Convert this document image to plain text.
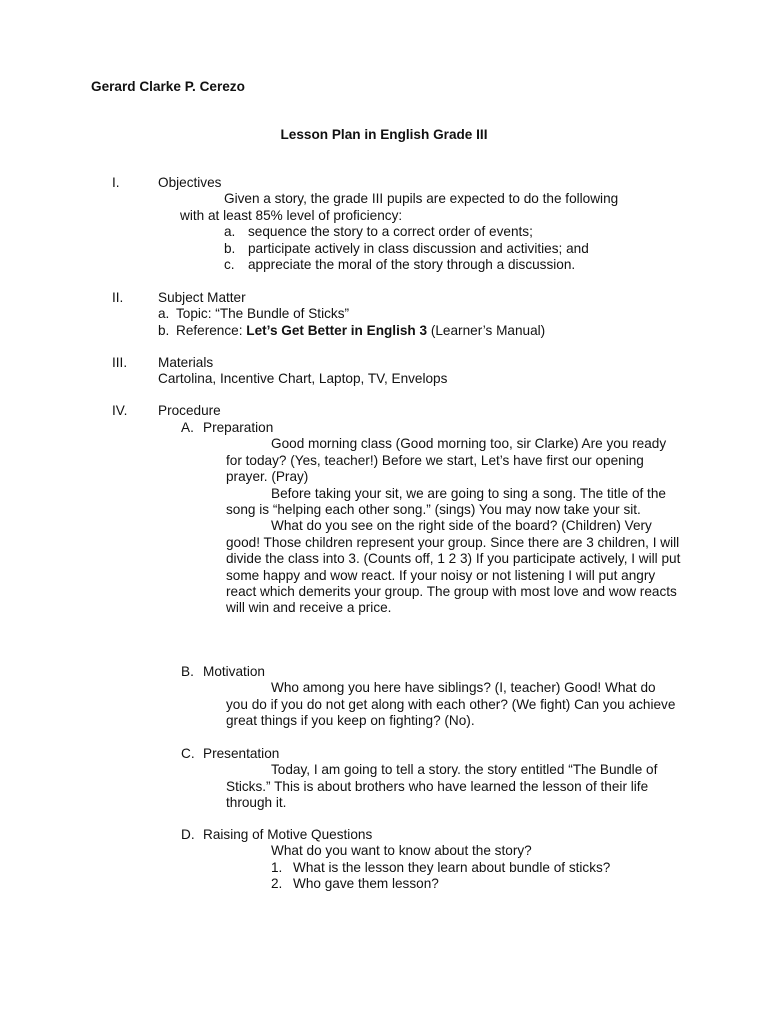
Gerard Clarke P. Cerezo
Lesson Plan in English Grade III
I.	Objectives
Given a story, the grade III pupils are expected to do the following
with at least 85% level of proficiency:
a. sequence the story to a correct order of events;
b. participate actively in class discussion and activities; and
c. appreciate the moral of the story through a discussion.
II.	Subject Matter
a. Topic: “The Bundle of Sticks”
b. Reference: Let’s Get Better in English 3 (Learner’s Manual)
III. Materials
Cartolina, Incentive Chart, Laptop, TV, Envelops
IV. Procedure
A. Preparation
Good morning class (Good morning too, sir Clarke) Are you ready for today? (Yes, teacher!) Before we start, Let’s have first our opening prayer. (Pray)
Before taking your sit, we are going to sing a song. The title of the song is “helping each other song.” (sings) You may now take your sit.
What do you see on the right side of the board? (Children) Very good! Those children represent your group. Since there are 3 children, I will divide the class into 3. (Counts off, 1 2 3) If you participate actively, I will put some happy and wow react. If your noisy or not listening I will put angry react which demerits your group. The group with most love and wow reacts will win and receive a price.
B. Motivation
Who among you here have siblings? (I, teacher) Good! What do you do if you do not get along with each other? (We fight) Can you achieve great things if you keep on fighting? (No).
C. Presentation
Today, I am going to tell a story. the story entitled “The Bundle of Sticks.” This is about brothers who have learned the lesson of their life through it.
D. Raising of Motive Questions
What do you want to know about the story?
1. What is the lesson they learn about bundle of sticks?
2. Who gave them lesson?
